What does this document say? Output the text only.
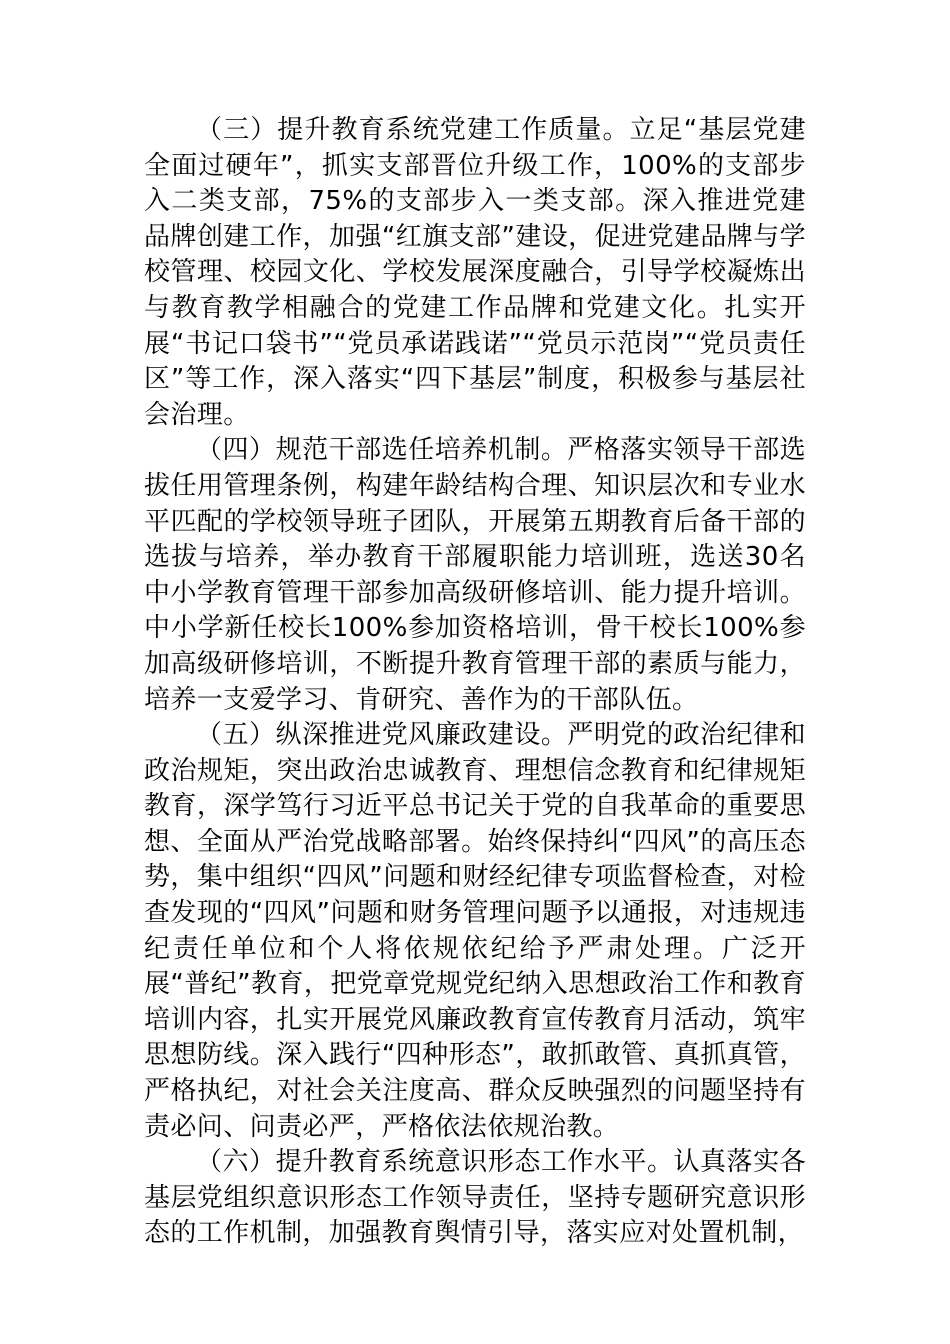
（三）提升教育系统党建工作质量。立足“基层党建全面过硬年”，抓实支部晋位升级工作，100%的支部步入二类支部，75%的支部步入一类支部。深入推进党建品牌创建工作，加强“红旗支部”建设，促进党建品牌与学校管理、校园文化、学校发展深度融合，引导学校凝炼出与教育教学相融合的党建工作品牌和党建文化。扎实开展“书记口袋书”“党员承诺践诺”“党员示范岗”“党员责任区”等工作，深入落实“四下基层”制度，积极参与基层社会治理。

（四）规范干部选任培养机制。严格落实领导干部选拔任用管理条例，构建年龄结构合理、知识层次和专业水平匹配的学校领导班子团队，开展第五期教育后备干部的选拔与培养，举办教育干部履职能力培训班，选送30名中小学教育管理干部参加高级研修培训、能力提升培训。中小学新任校长100%参加资格培训，骨干校长100%参加高级研修培训，不断提升教育管理干部的素质与能力，培养一支爱学习、肯研究、善作为的干部队伍。

（五）纵深推进党风廉政建设。严明党的政治纪律和政治规矩，突出政治忠诚教育、理想信念教育和纪律规矩教育，深学笃行习近平总书记关于党的自我革命的重要思想、全面从严治党战略部署。始终保持纠“四风”的高压态势，集中组织“四风”问题和财经纪律专项监督检查，对检查发现的“四风”问题和财务管理问题予以通报，对违规违纪责任单位和个人将依规依纪给予严肃处理。广泛开展“普纪”教育，把党章党规党纪纳入思想政治工作和教育培训内容，扎实开展党风廉政教育宣传教育月活动，筑牢思想防线。深入践行“四种形态”，敢抓敢管、真抓真管，严格执纪，对社会关注度高、群众反映强烈的问题坚持有责必问、问责必严，严格依法依规治教。

（六）提升教育系统意识形态工作水平。认真落实各基层党组织意识形态工作领导责任，坚持专题研究意识形态的工作机制，加强教育舆情引导，落实应对处置机制，
